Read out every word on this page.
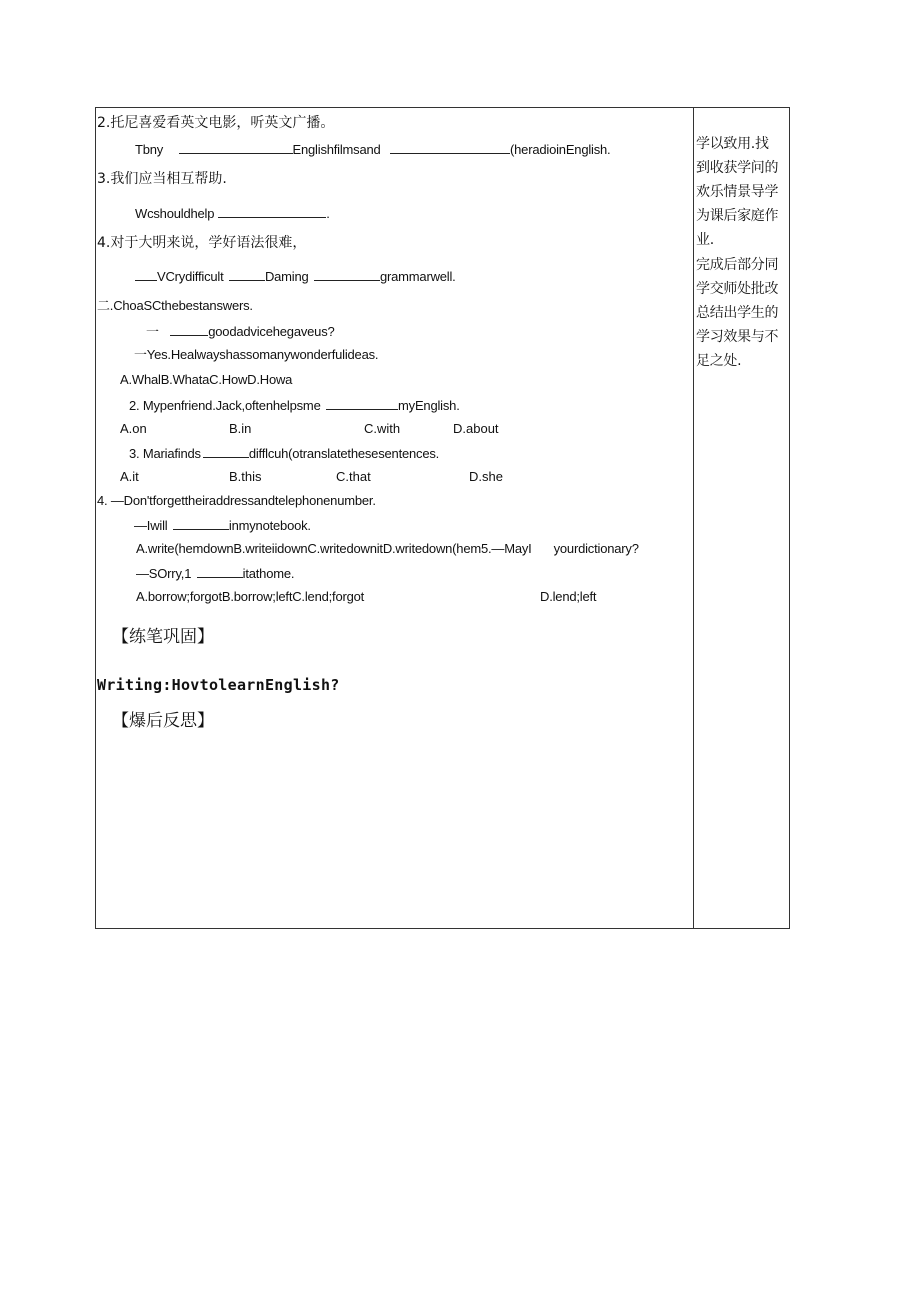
2.托尼喜爱看英文电影，听英文广播。
Tbny	Englishfilmsand	(heradioinEnglish.
3.我们应当相互帮助.
Wcshouldhelp	.
4.对于大明来说，学好语法很难，
VCrydifficult	Daming	grammarwell.
二.ChoaSCthebestanswers.
一	goodadvicehegaveus?
一Yes.Healwayshassomanywonderfulideas.
A.WhalB.WhataC.HowD.Howa
2. Mypenfriend.Jack,oftenhelpsme	myEnglish.
A.on	B.in	C.with	D.about
3. Mariafinds	difflcuh(otranslatethesesentences.
A.it	B.this	C.that	D.she
4. —Don'tforgettheiraddressandtelephonenumber.
—Iwill	inmynotebook.
A.write(hemdownB.writeiidownC.writedownitD.writedown(hem5.—MayI yourdictionary?
—SOrry,1	itathome.
A.borrow;forgotB.borrow;leftC.lend;forgot	D.lend;left
【练笔巩固】
Writing:HovtolearnEnglish?
【爆后反思】
学以致用.找
到收获学问的
欢乐情景导学
为课后家庭作
业.
完成后部分同
学交师处批改
总结出学生的
学习效果与不
足之处.
